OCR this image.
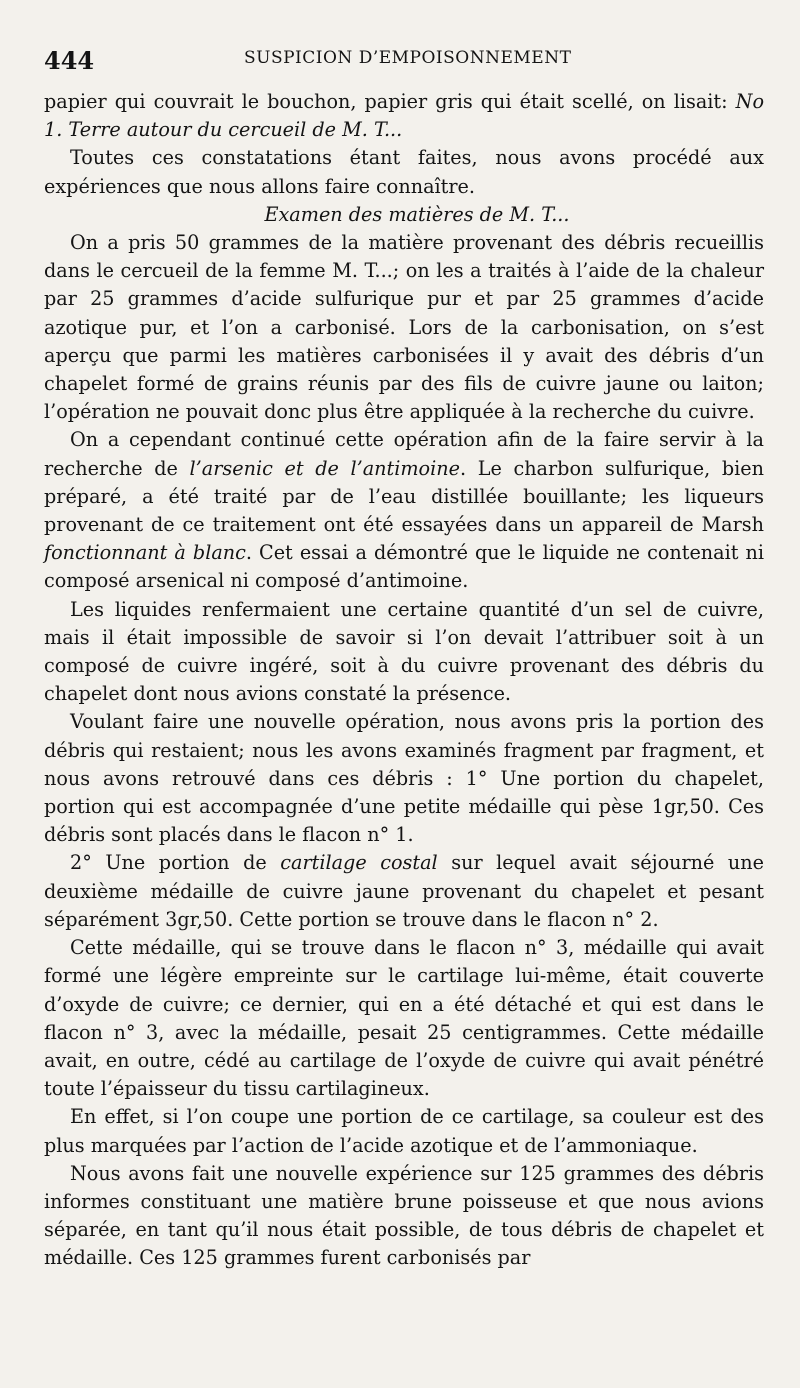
444	SUSPICION D’EMPOISONNEMENT

papier qui couvrait le bouchon, papier gris qui était scellé, on lisait: No 1. Terre autour du cercueil de M. T...

Toutes ces constatations étant faites, nous avons procédé aux expériences que nous allons faire connaître.

Examen des matières de M. T...

On a pris 50 grammes de la matière provenant des débris recueillis dans le cercueil de la femme M. T...; on les a traités à l’aide de la chaleur par 25 grammes d’acide sulfurique pur et par 25 grammes d’acide azotique pur, et l’on a carbonisé. Lors de la carbonisation, on s’est aperçu que parmi les matières carbonisées il y avait des débris d’un chapelet formé de grains réunis par des fils de cuivre jaune ou laiton; l’opération ne pouvait donc plus être appliquée à la recherche du cuivre.

On a cependant continué cette opération afin de la faire servir à la recherche de l’arsenic et de l’antimoine. Le charbon sulfurique, bien préparé, a été traité par de l’eau distillée bouillante; les liqueurs provenant de ce traitement ont été essayées dans un appareil de Marsh fonctionnant à blanc. Cet essai a démontré que le liquide ne contenait ni composé arsenical ni composé d’antimoine.

Les liquides renfermaient une certaine quantité d’un sel de cuivre, mais il était impossible de savoir si l’on devait l’attribuer soit à un composé de cuivre ingéré, soit à du cuivre provenant des débris du chapelet dont nous avions constaté la présence.

Voulant faire une nouvelle opération, nous avons pris la portion des débris qui restaient; nous les avons examinés fragment par fragment, et nous avons retrouvé dans ces débris : 1° Une portion du chapelet, portion qui est accompagnée d’une petite médaille qui pèse 1gr,50. Ces débris sont placés dans le flacon n° 1.

2° Une portion de cartilage costal sur lequel avait séjourné une deuxième médaille de cuivre jaune provenant du chapelet et pesant séparément 3gr,50. Cette portion se trouve dans le flacon n° 2.

Cette médaille, qui se trouve dans le flacon n° 3, médaille qui avait formé une légère empreinte sur le cartilage lui-même, était couverte d’oxyde de cuivre; ce dernier, qui en a été détaché et qui est dans le flacon n° 3, avec la médaille, pesait 25 centigrammes. Cette médaille avait, en outre, cédé au cartilage de l’oxyde de cuivre qui avait pénétré toute l’épaisseur du tissu cartilagineux.

En effet, si l’on coupe une portion de ce cartilage, sa couleur est des plus marquées par l’action de l’acide azotique et de l’ammoniaque.

Nous avons fait une nouvelle expérience sur 125 grammes des débris informes constituant une matière brune poisseuse et que nous avions séparée, en tant qu’il nous était possible, de tous débris de chapelet et médaille. Ces 125 grammes furent carbonisés par
